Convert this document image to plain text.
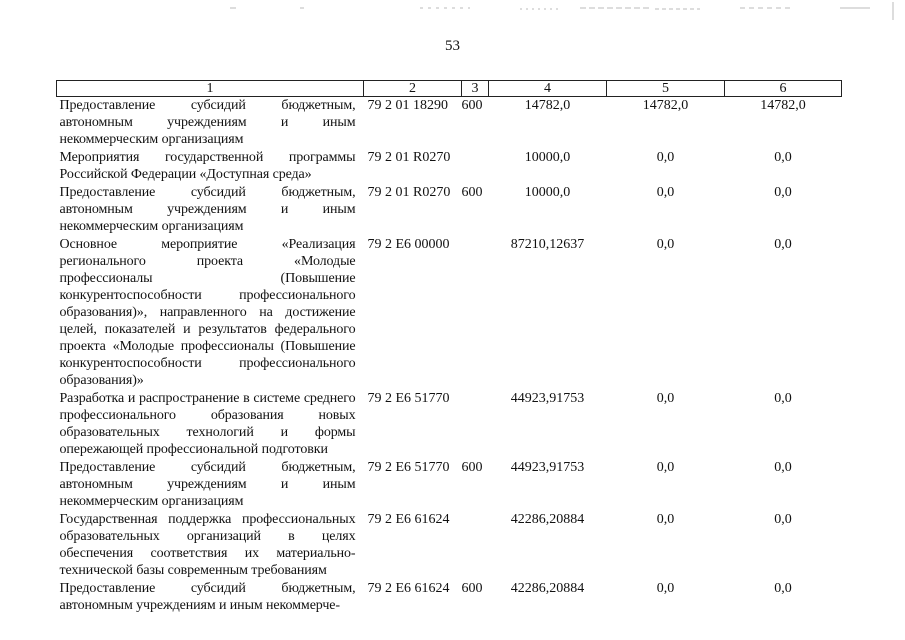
53
1	2	3	4	5	6
Предоставление субсидий бюджетным, автономным учреждениям и иным некоммерческим организациям	79 2 01 18290	600	14782,0	14782,0	14782,0
Мероприятия государственной программы Российской Федерации «Доступная среда»	79 2 01 R0270		10000,0	0,0	0,0
Предоставление субсидий бюджетным, автономным учреждениям и иным некоммерческим организациям	79 2 01 R0270	600	10000,0	0,0	0,0
Основное мероприятие «Реализация регионального проекта «Молодые профессионалы (Повышение конкурентоспособности профессионального образования)», направленного на достижение целей, показателей и результатов федерального проекта «Молодые профессионалы (Повышение конкурентоспособности профессионального образования)»	79 2 Е6 00000		87210,12637	0,0	0,0
Разработка и распространение в системе среднего профессионального образования новых образовательных технологий и формы опережающей профессиональной подготовки	79 2 Е6 51770		44923,91753	0,0	0,0
Предоставление субсидий бюджетным, автономным учреждениям и иным некоммерческим организациям	79 2 Е6 51770	600	44923,91753	0,0	0,0
Государственная поддержка профессиональных образовательных организаций в целях обеспечения соответствия их материально-технической базы современным требованиям	79 2 Е6 61624		42286,20884	0,0	0,0
Предоставление субсидий бюджетным, автономным учреждениям и иным некоммерче-	79 2 Е6 61624	600	42286,20884	0,0	0,0
